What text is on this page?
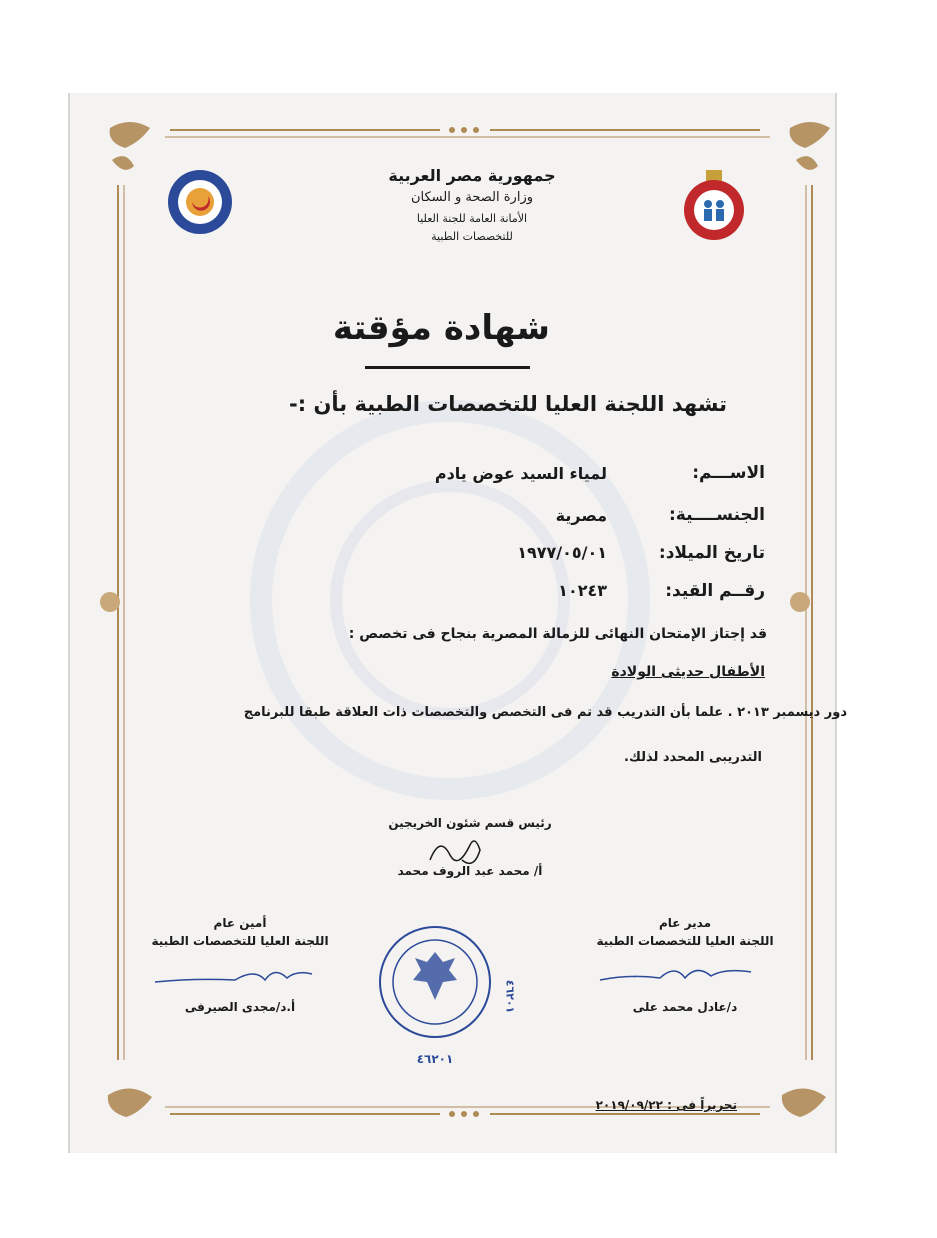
جمهورية مصر العربية
وزارة الصحة و السكان
الأمانة العامة للجنة العليا
للتخصصات الطبية
شهادة مؤقتة
تشهد اللجنة العليا للتخصصات الطبية بأن :-
الاســـم:
لمياء السيد عوض يادم
الجنســــية:
مصرية
تاريخ الميلاد:
١٩٧٧/٠٥/٠١
رقــم القيد:
١٠٢٤٣
قد إجتاز الإمتحان النهائى للزمالة المصرية بنجاح فى تخصص :
الأطفال حديثى الولادة
دور ديسمبر ٢٠١٣ . علما بأن التدريب قد تم فى التخصص والتخصصات ذات العلاقة طبقا للبرنامج
التدريبى المحدد لذلك.
رئيس قسم شئون الخريجين
أ/ محمد عبد الروف محمد
أمين عام
اللجنة العليا للتخصصات الطبية
أ.د/مجدى الصيرفى
مدير عام
اللجنة العليا للتخصصات الطبية
د/عادل محمد على
٤٦٢٠١
٤٦٢٠١
تحريراً فى : ٢٠١٩/٠٩/٢٢
